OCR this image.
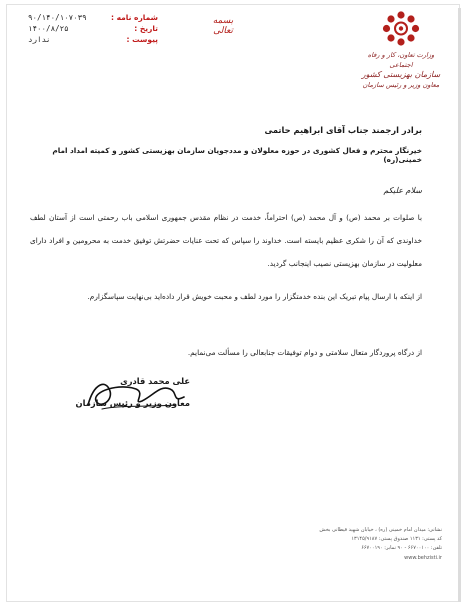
شماره نامه :
۹۰/۱۴۰/۱۰۷۰۳۹
تاریخ :
۱۴۰۰/۸/۲۵
پیوست :
ندارد
بسمه تعالی
وزارت تعاون، کار و رفاه اجتماعی
سازمان بهزیستی کشور
معاون وزیر و رئیس سازمان
برادر ارجمند جناب آقای ابراهیم حاتمی
خیرنگار محترم و فعال کشوری در حوزه معلولان و مددجویان سازمان بهزیستی کشور و کمیته امداد امام خمینی(ره)
سلام علیکم
با صلوات بر محمد (ص) و آل محمد (ص) احتراماً، خدمت در نظام مقدس جمهوری اسلامی باب رحمتی است از آستان لطف خداوندی که آن را شکری عظیم بایسته است. خداوند را سپاس که تحت عنایات حضرتش توفیق خدمت به محرومین و افراد دارای معلولیت در سازمان بهزیستی نصیب اینجانب گردید.
از اینکه با ارسال پیام تبریک این بنده خدمتگزار را مورد لطف و محبت خویش قرار داده‌اید بی‌نهایت سپاسگزارم.
از درگاه پروردگار متعال سلامتی و دوام توفیقات جنابعالی را مسألت می‌نمایم.
علی محمد قادری
معاون وزیر و رئیس سازمان
نشانی: میدان امام خمینی (ره) ، خیابان شهید قیطانی بخش
کد پستی: ۱۱۳۱ صندوق پستی: ۱۳۱۴۵/۹۱۸۷
تلفن: ۶۶۷۰۰۱۰۰ - ۹۰ نمابر: ۶۶۷۰۰۱۹۰
www.behzisti.ir
